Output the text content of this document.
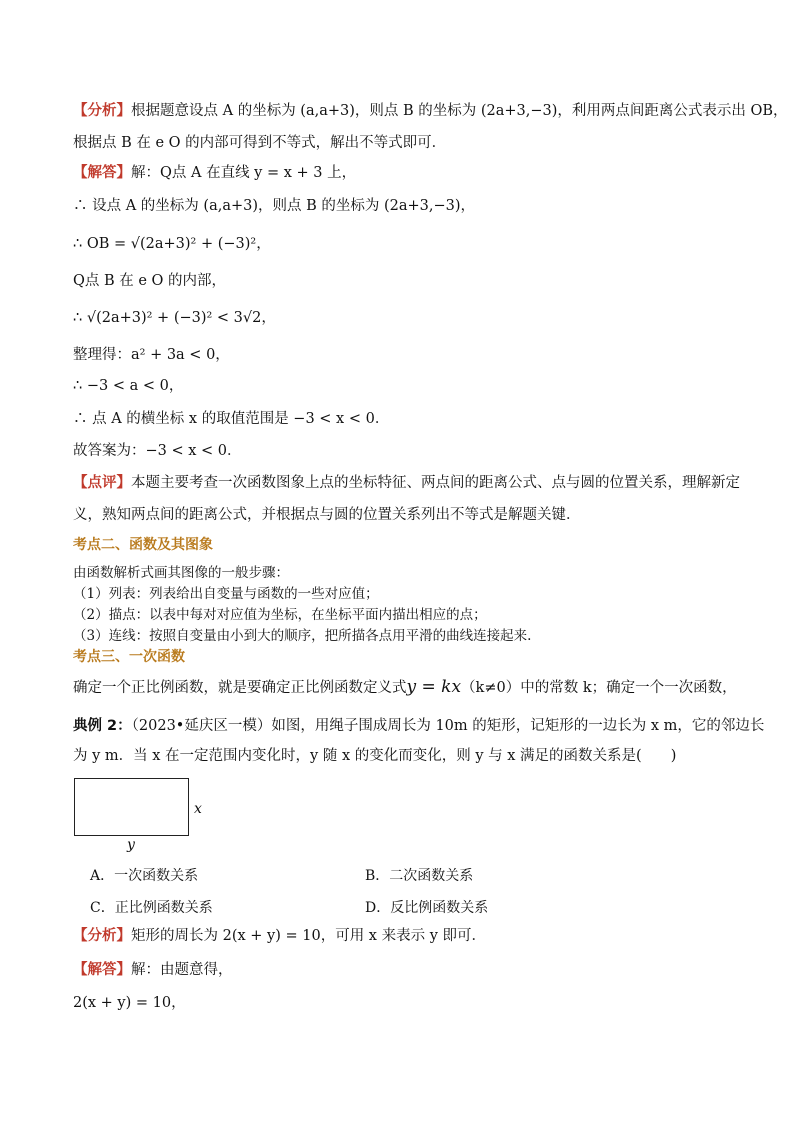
【分析】根据题意设点 A 的坐标为 (a,a+3)，则点 B 的坐标为 (2a+3,−3)，利用两点间距离公式表示出 OB，
根据点 B 在 e O 的内部可得到不等式，解出不等式即可．
【解答】解：Q点 A 在直线 y = x + 3 上，
∴ 设点 A 的坐标为 (a,a+3)，则点 B 的坐标为 (2a+3,−3)，
∴ OB = √(2a+3)² + (−3)²，
Q点 B 在 e O 的内部，
∴ √(2a+3)² + (−3)² < 3√2，
整理得：a² + 3a < 0，
∴ −3 < a < 0，
∴ 点 A 的横坐标 x 的取值范围是 −3 < x < 0．
故答案为：−3 < x < 0．
【点评】本题主要考查一次函数图象上点的坐标特征、两点间的距离公式、点与圆的位置关系，理解新定
义，熟知两点间的距离公式，并根据点与圆的位置关系列出不等式是解题关键．
考点二、函数及其图象
由函数解析式画其图像的一般步骤：
（1）列表：列表给出自变量与函数的一些对应值；
（2）描点：以表中每对对应值为坐标，在坐标平面内描出相应的点；
（3）连线：按照自变量由小到大的顺序，把所描各点用平滑的曲线连接起来.
考点三、一次函数
确定一个正比例函数，就是要确定正比例函数定义式y = kx（k≠0）中的常数 k；确定一个一次函数，
典例 2：（2023•延庆区一模）如图，用绳子围成周长为 10m 的矩形，记矩形的一边长为 x m，它的邻边长
为 y m．当 x 在一定范围内变化时，y 随 x 的变化而变化，则 y 与 x 满足的函数关系是(　　)
x
y
A．一次函数关系	B．二次函数关系
C．正比例函数关系	D．反比例函数关系
【分析】矩形的周长为 2(x + y) = 10，可用 x 来表示 y 即可．
【解答】解：由题意得，
2(x + y) = 10，
